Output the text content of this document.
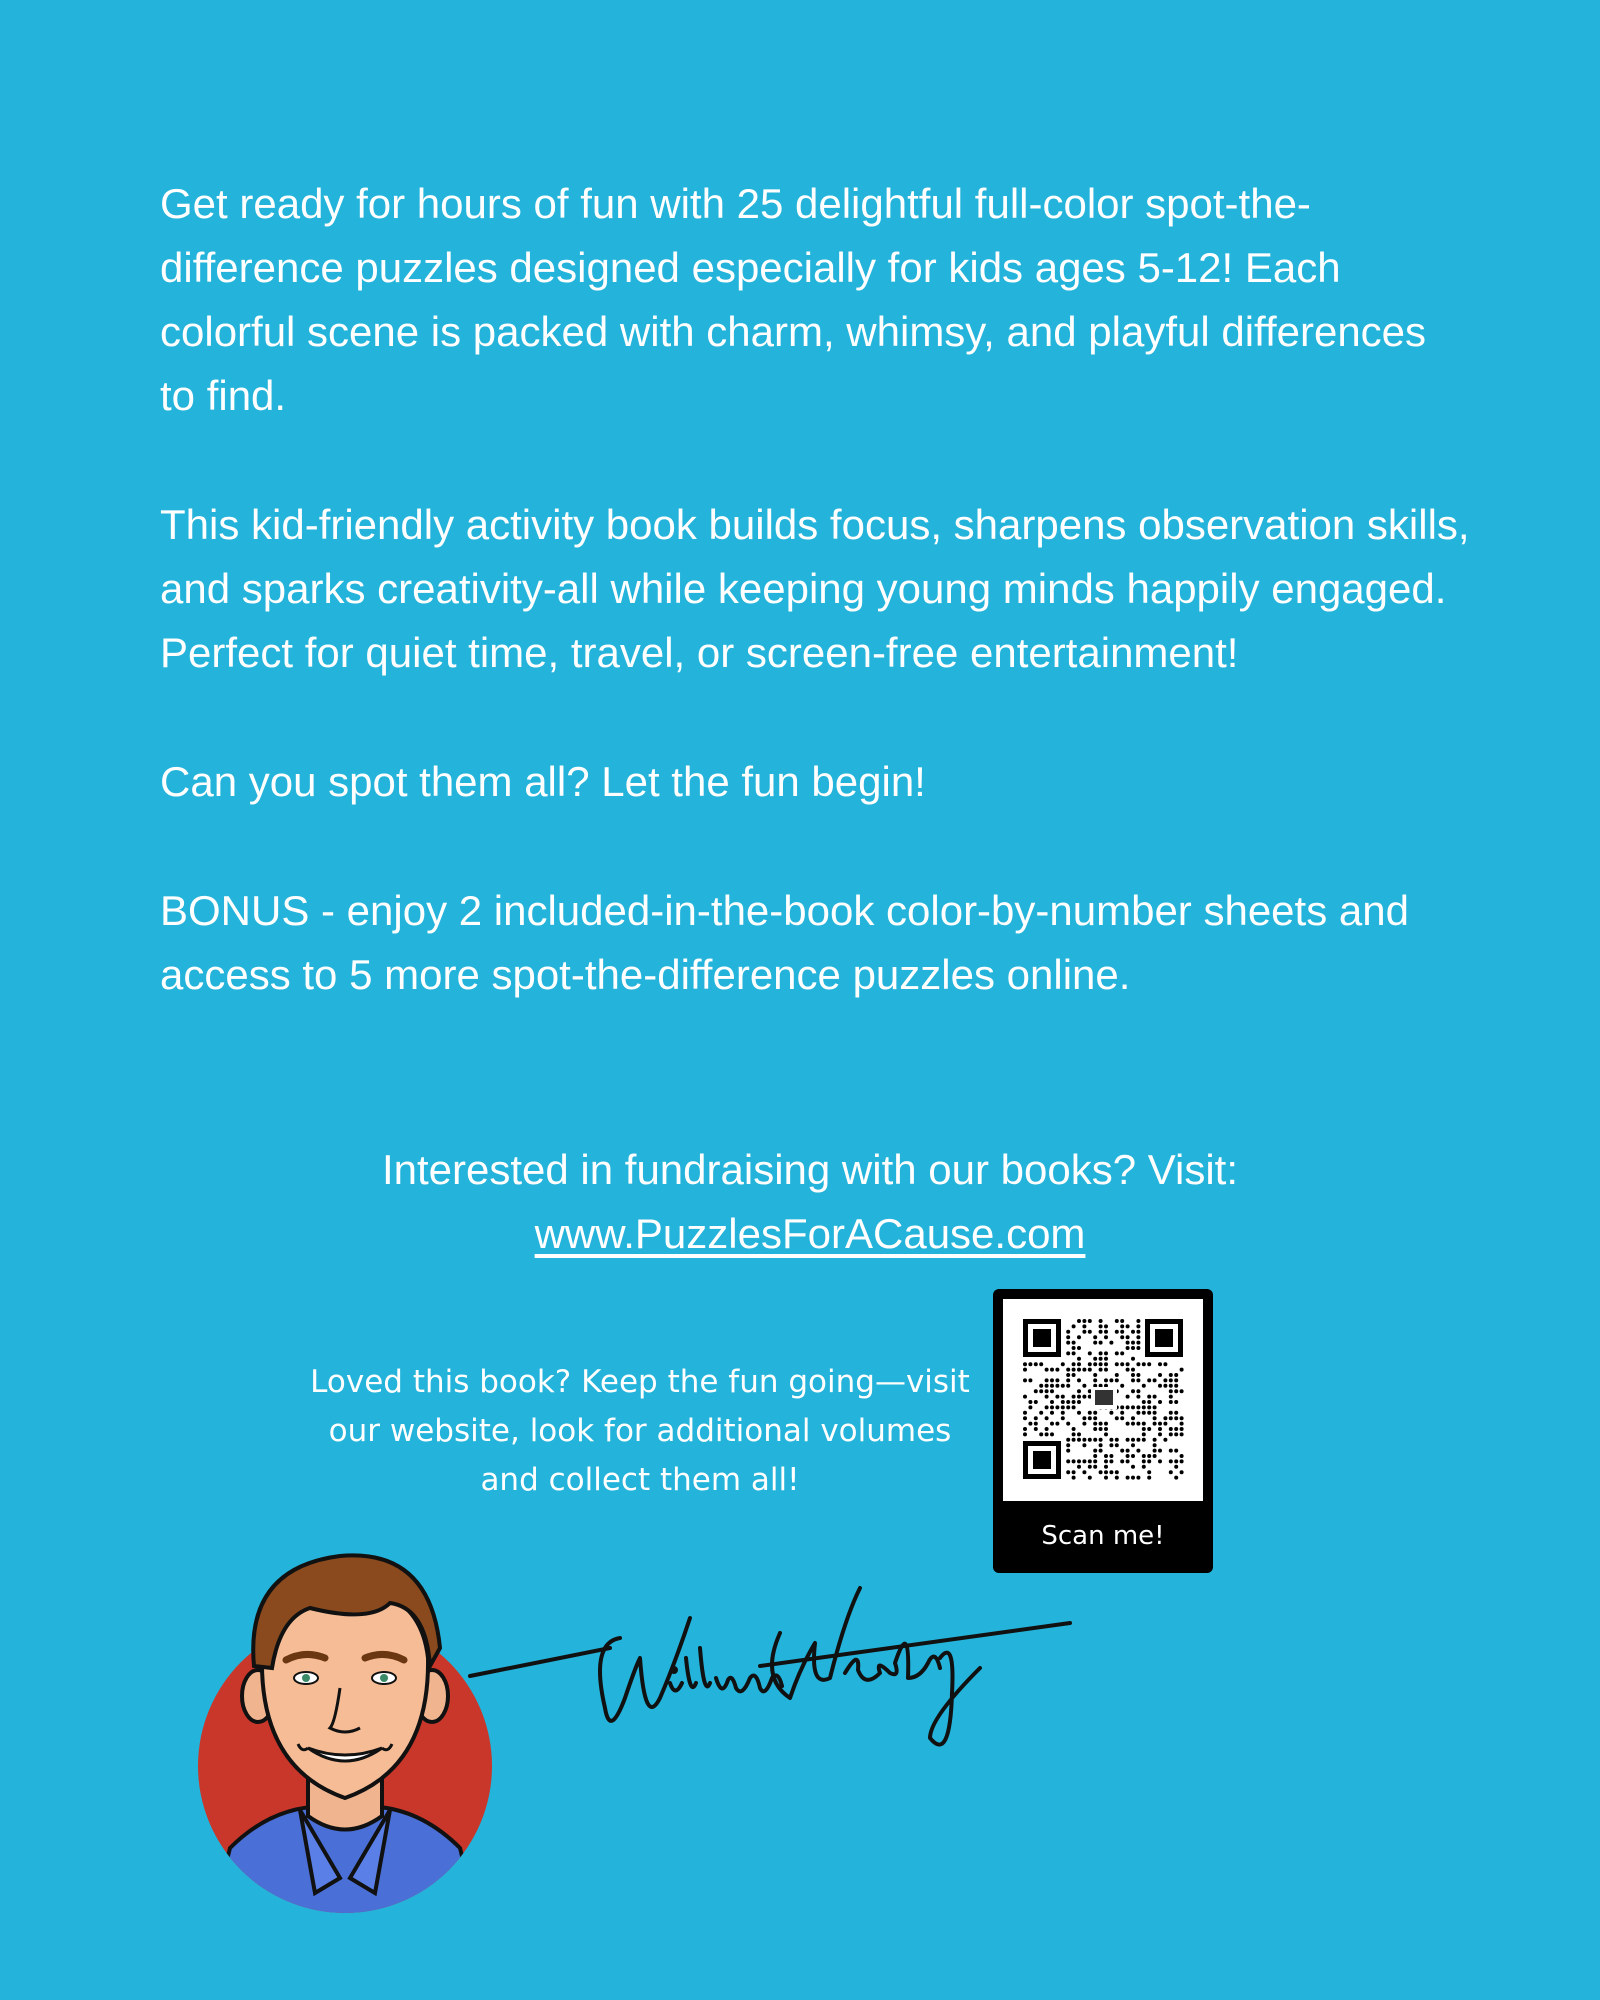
Get ready for hours of fun with 25 delightful full-color spot-the-difference puzzles designed especially for kids ages 5-12! Each colorful scene is packed with charm, whimsy, and playful differences to find.

This kid-friendly activity book builds focus, sharpens observation skills, and sparks creativity-all while keeping young minds happily engaged. Perfect for quiet time, travel, or screen-free entertainment!

Can you spot them all? Let the fun begin!

BONUS - enjoy 2 included-in-the-book color-by-number sheets and access to 5 more spot-the-difference puzzles online.

Interested in fundraising with our books? Visit:
www.PuzzlesForACause.com
Loved this book? Keep the fun going—visit our website, look for additional volumes and collect them all!
Scan me!
